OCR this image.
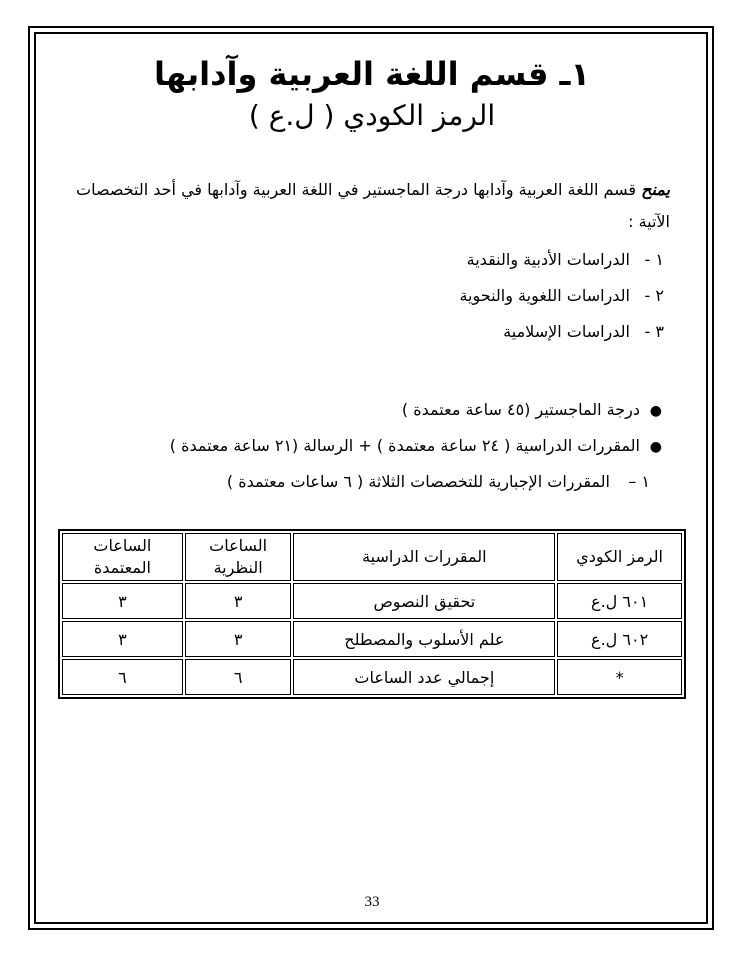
١ـ قسم اللغة العربية وآدابها
الرمز الكودي ( ل.ع )
يمنح قسم اللغة العربية وآدابها درجة الماجستير في اللغة العربية وآدابها في أحد التخصصات الآتية :
١ -الدراسات الأدبية والنقدية
٢ -الدراسات اللغوية والنحوية
٣ -الدراسات الإسلامية
●درجة الماجستير (٤٥ ساعة معتمدة )
●المقررات الدراسية ( ٢٤ ساعة معتمدة ) + الرسالة (٢١ ساعة معتمدة )
١ –المقررات الإجبارية للتخصصات الثلاثة ( ٦ ساعات معتمدة )
الرمز الكودي	المقررات الدراسية	الساعات النظرية	الساعات المعتمدة
٦٠١ ل.ع	تحقيق النصوص	٣	٣
٦٠٢ ل.ع	علم الأسلوب والمصطلح	٣	٣
*	إجمالي عدد الساعات	٦	٦
33
